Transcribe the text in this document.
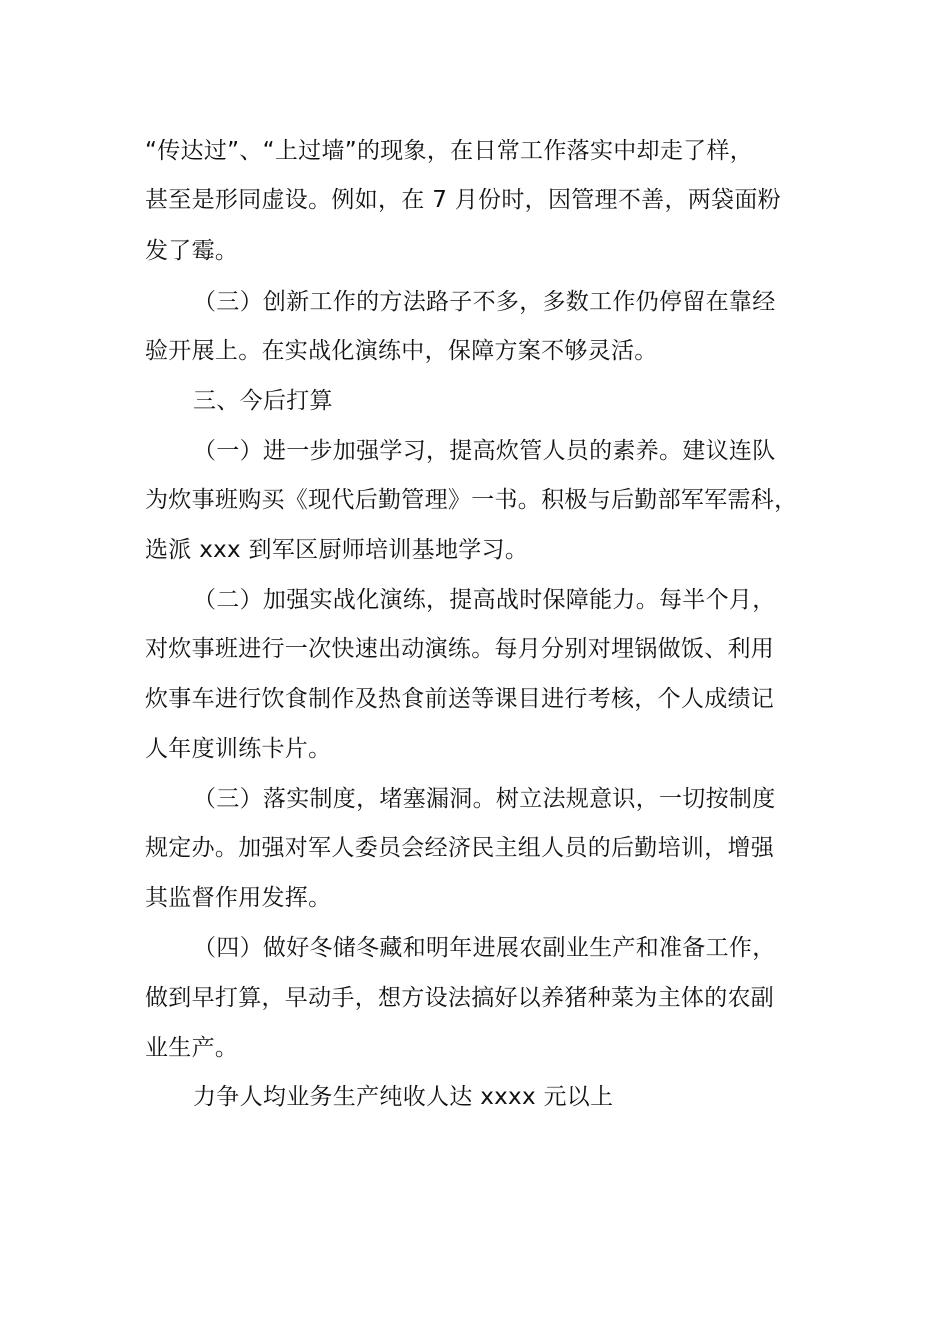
“传达过”、“上过墙”的现象，在日常工作落实中却走了样，
甚至是形同虚设。例如，在 7 月份时，因管理不善，两袋面粉
发了霉。
（三）创新工作的方法路子不多，多数工作仍停留在靠经
验开展上。在实战化演练中，保障方案不够灵活。
三、今后打算
（一）进一步加强学习，提高炊管人员的素养。建议连队
为炊事班购买《现代后勤管理》一书。积极与后勤部军军需科，
选派 xxx 到军区厨师培训基地学习。
（二）加强实战化演练，提高战时保障能力。每半个月，
对炊事班进行一次快速出动演练。每月分别对埋锅做饭、利用
炊事车进行饮食制作及热食前送等课目进行考核，个人成绩记
人年度训练卡片。
（三）落实制度，堵塞漏洞。树立法规意识，一切按制度
规定办。加强对军人委员会经济民主组人员的后勤培训，增强
其监督作用发挥。
（四）做好冬储冬藏和明年进展农副业生产和准备工作，
做到早打算，早动手，想方设法搞好以养猪种菜为主体的农副
业生产。
力争人均业务生产纯收人达 xxxx 元以上
